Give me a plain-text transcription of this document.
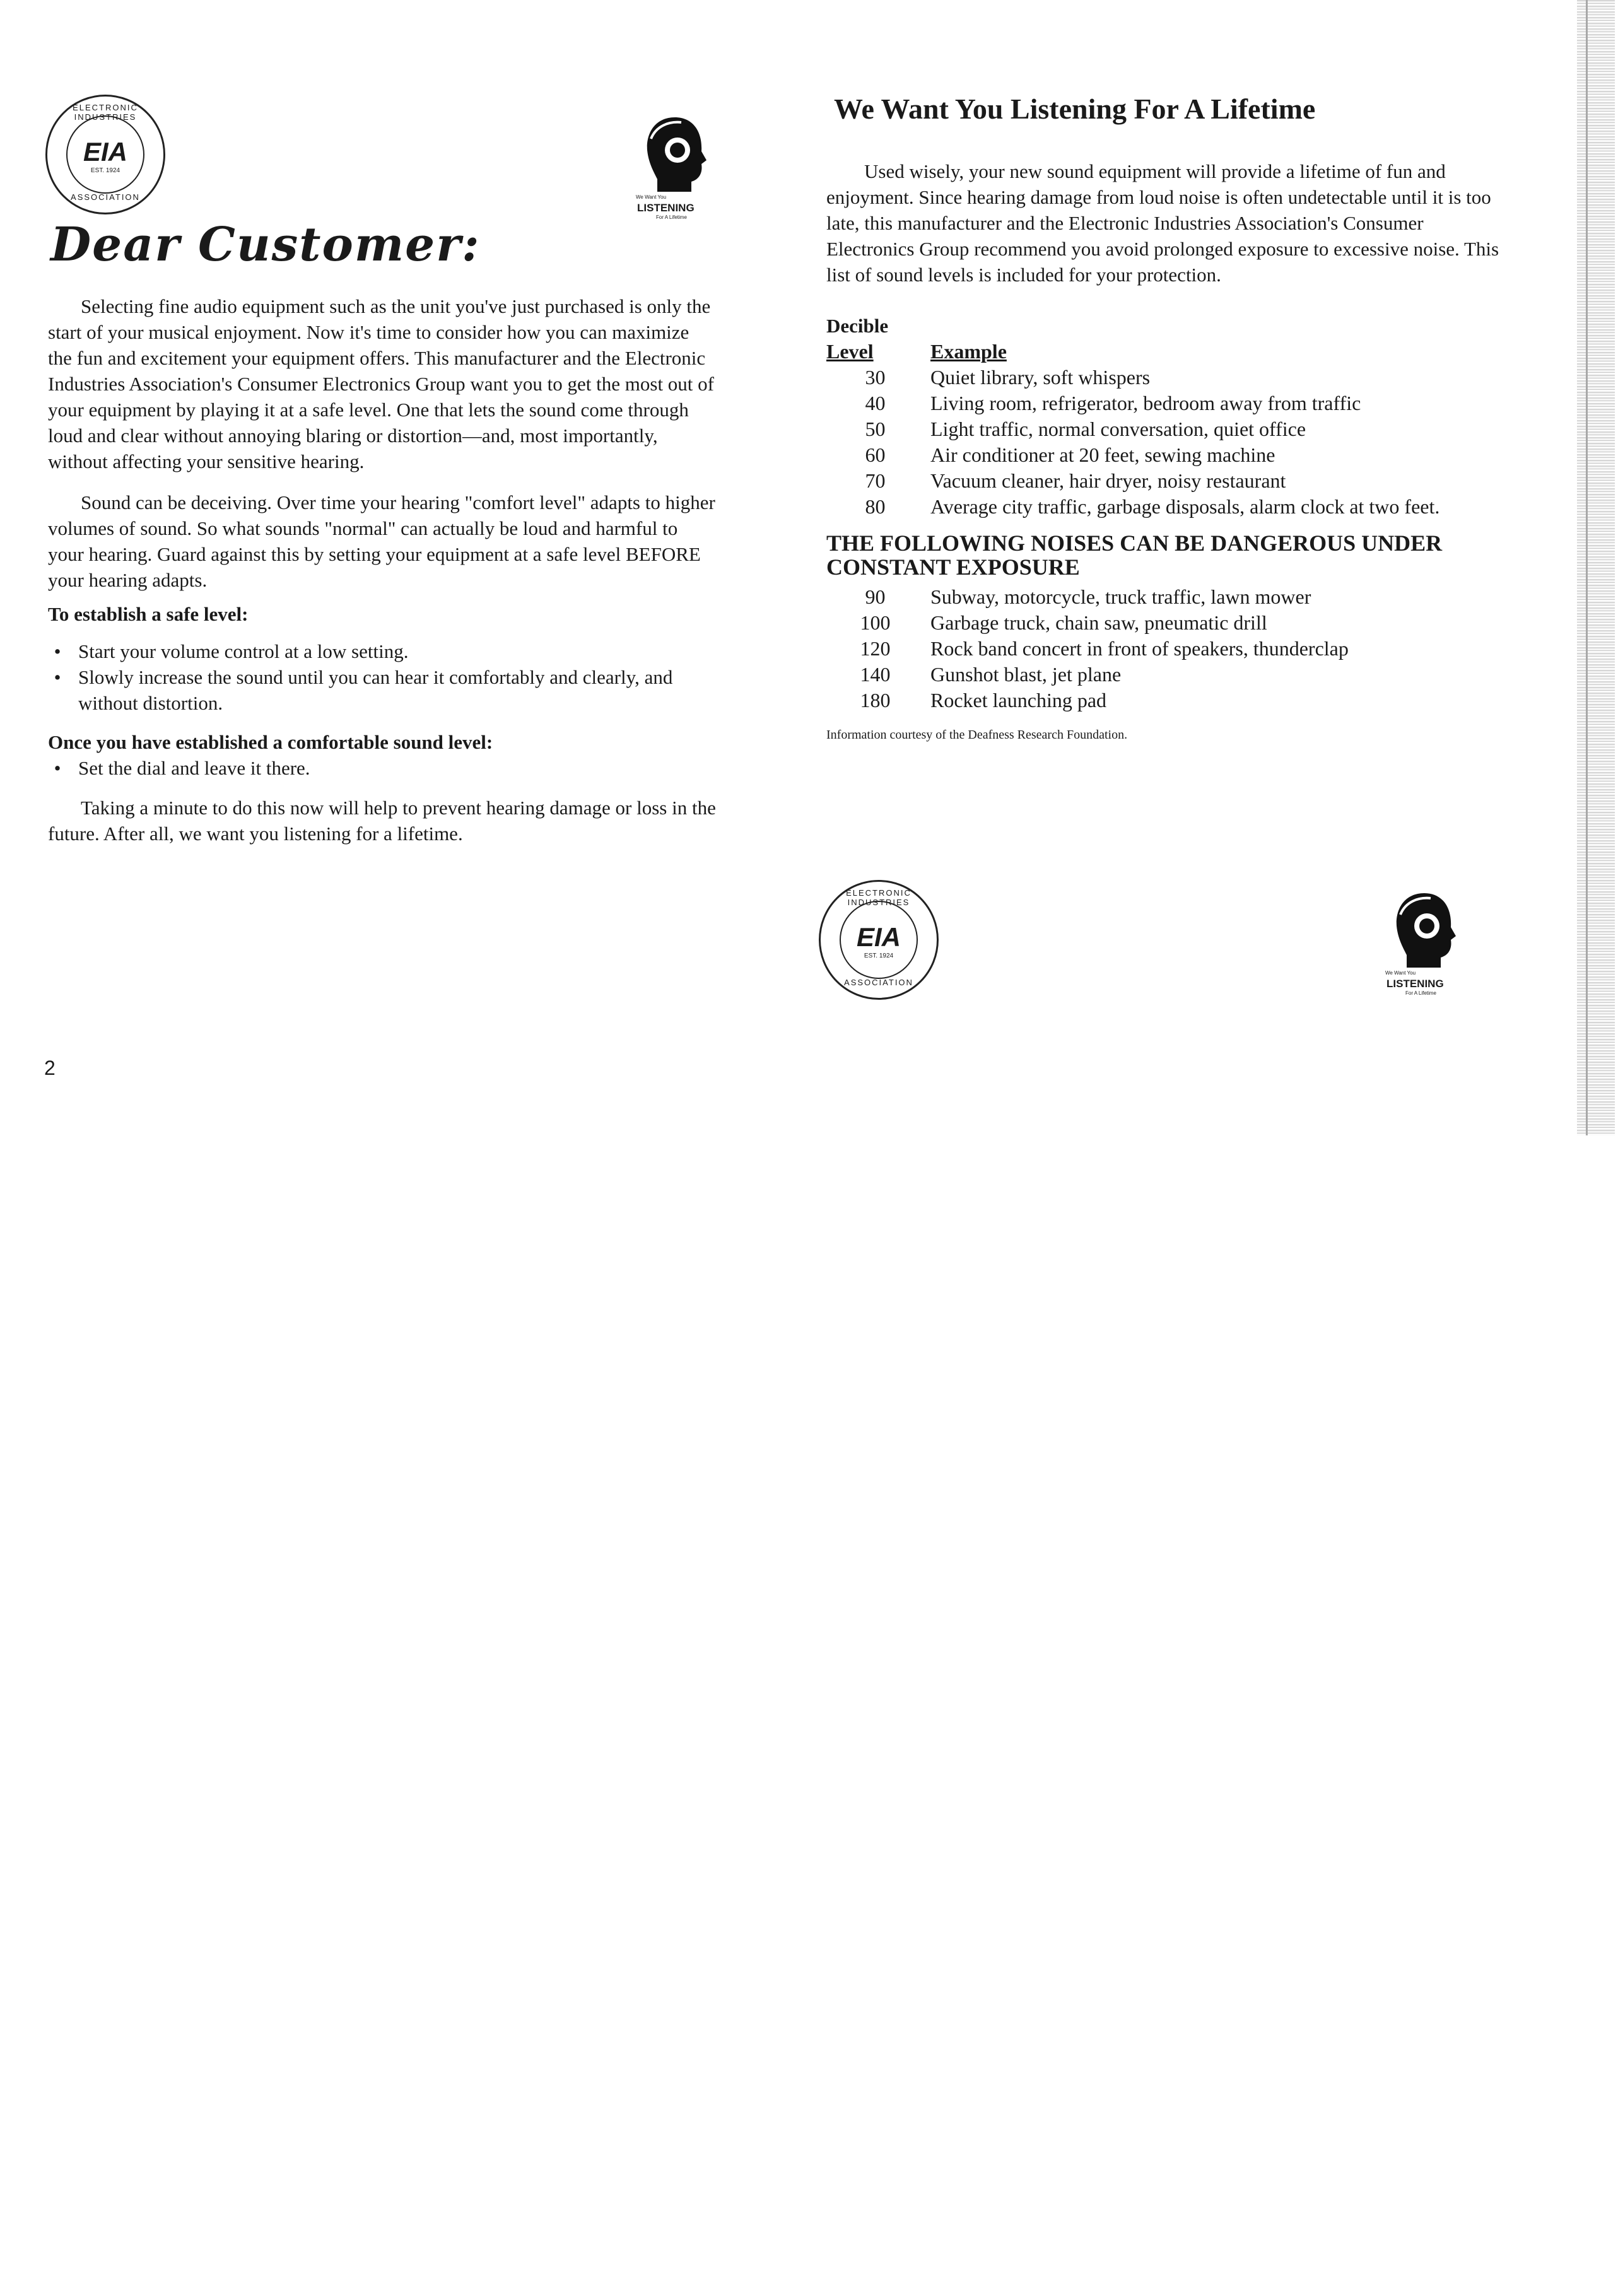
ELECTRONIC INDUSTRIES
EIA
EST. 1924
ASSOCIATION	We Want You
LISTENING
For A Lifetime
Dear Customer:

Selecting fine audio equipment such as the unit you've just purchased is only the start of your musical enjoyment. Now it's time to consider how you can maximize the fun and excitement your equipment offers. This manufacturer and the Electronic Industries Association's Consumer Electronics Group want you to get the most out of your equipment by playing it at a safe level. One that lets the sound come through loud and clear without annoying blaring or distortion—and, most importantly, without affecting your sensitive hearing.

Sound can be deceiving. Over time your hearing "comfort level" adapts to higher volumes of sound. So what sounds "normal" can actually be loud and harmful to your hearing. Guard against this by setting your equipment at a safe level BEFORE your hearing adapts.

To establish a safe level:

• Start your volume control at a low setting.
• Slowly increase the sound until you can hear it comfortably and clearly, and without distortion.

Once you have established a comfortable sound level:

• Set the dial and leave it there.

Taking a minute to do this now will help to prevent hearing damage or loss in the future. After all, we want you listening for a lifetime.

We Want You Listening For A Lifetime

Used wisely, your new sound equipment will provide a lifetime of fun and enjoyment. Since hearing damage from loud noise is often undetectable until it is too late, this manufacturer and the Electronic Industries Association's Consumer Electronics Group recommend you avoid prolonged exposure to excessive noise. This list of sound levels is included for your protection.

Decible	
Level	Example
30	Quiet library, soft whispers
40	Living room, refrigerator, bedroom away from traffic
50	Light traffic, normal conversation, quiet office
60	Air conditioner at 20 feet, sewing machine
70	Vacuum cleaner, hair dryer, noisy restaurant
80	Average city traffic, garbage disposals, alarm clock at two feet.
THE FOLLOWING NOISES CAN BE DANGEROUS UNDER CONSTANT EXPOSURE
90	Subway, motorcycle, truck traffic, lawn mower
100	Garbage truck, chain saw, pneumatic drill
120	Rock band concert in front of speakers, thunderclap
140	Gunshot blast, jet plane
180	Rocket launching pad
Information courtesy of the Deafness Research Foundation.
ELECTRONIC INDUSTRIES
EIA
EST. 1924
ASSOCIATION
We Want You
LISTENING
For A Lifetime
2
